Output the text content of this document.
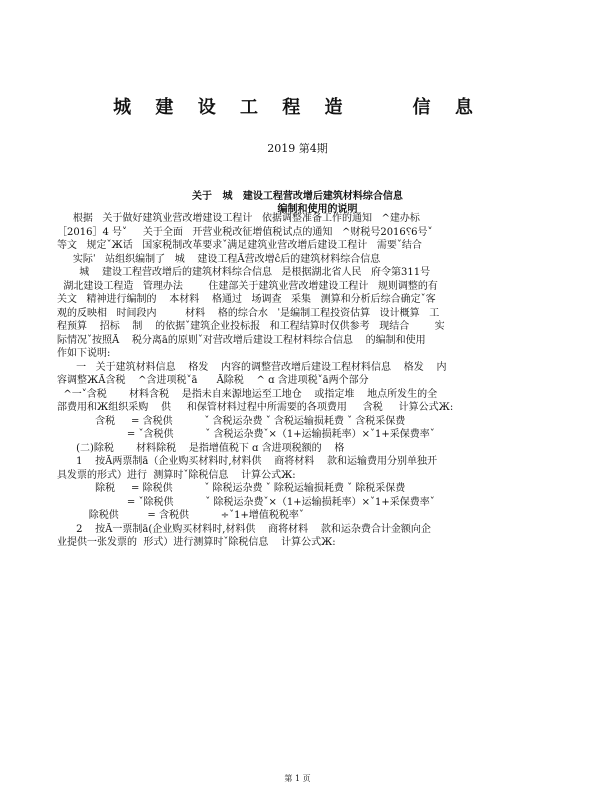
城 建 设 工 程 造    信 息
2019 第4期
关于   城   建设工程营改增后建筑材料综合信息
编制和使用的说明
根据   关于做好建筑业营改增建设工程计   依据调整准备工作的通知   ^建办标
［2016］4 号˅     关于全面   开营业税改征增值税试点的通知   ^财税号2016⸮6号˅
等文   规定ˇЖ话   国家税制改革要求ˇ满足建筑业营改增后建设工程计   需要ˇ结合
实际ˈ   站组织编制了   城    建设工程Ă营改增ĉ后的建筑材料综合信息
城    建设工程营改增后的建筑材料综合信息   是根据湖北省人民   府令第311号
湖北建设工程造   管理办法        住建部关于建筑业营改增建设工程计   规则调整的有
关文   精神进行编制的    本材料    格通过   场调查   采集   测算和分析后综合确定ˇ客
观的反映相   时间段内         材料    格的综合水   ˈ是编制工程投资估算   设计概算   工
程预算    招标    制    的依据ˇ建筑企业投标报   和工程结算时仅供参考   现结合        实
际情况ˇ按照Ă    税分离ā的原则ˇ对营改增后建设工程材料综合信息    的编制和使用
作如下说明:
一   关于建筑材料信息    格发    内容的调整营改增后建设工程材料信息    格发    内
容调整ЖĂ含税    ^含进项税˅ā      Ă除税    ^ ɑ 含进项税˅ā两个部分
^一˅含税       材料含税    是指未自来源地运至工地仓    或指定堆    地点所发生的全
部费用和Ж组织采购    供     和保管材料过程中所需要的各项费用     含税     计算公式Ж:
含税     = 含税供          ˇ 含税运杂费 ˇ 含税运输损耗费 ˇ 含税采保费
= ˇ含税供          ˇ 含税运杂费ˇ×（1+运输损耗率）×ˇ1+采保费率ˇ
(二)除税       材料除税    是指增值税下 ɑ 含进项税额的    格
1    按Ă两票制ā（企业购买材料时,材料供    商将材料    款和运输费用分别单独开
具发票的形式）进行  测算时ˇ除税信息    计算公式Ж:
除税     = 除税供          ˇ 除税运杂费 ˇ 除税运输损耗费 ˇ 除税采保费
= ˇ除税供          ˇ 除税运杂费ˇ×（1+运输损耗率）×ˇ1+采保费率ˇ
除税供         = 含税供          ÷ˇ1+增值税税率ˇ
2    按Ă一票制ā(企业购买材料时,材料供    商将材料    款和运杂费合计金额向企
业提供一张发票的  形式）进行测算时ˇ除税信息    计算公式Ж:
第 1 页
